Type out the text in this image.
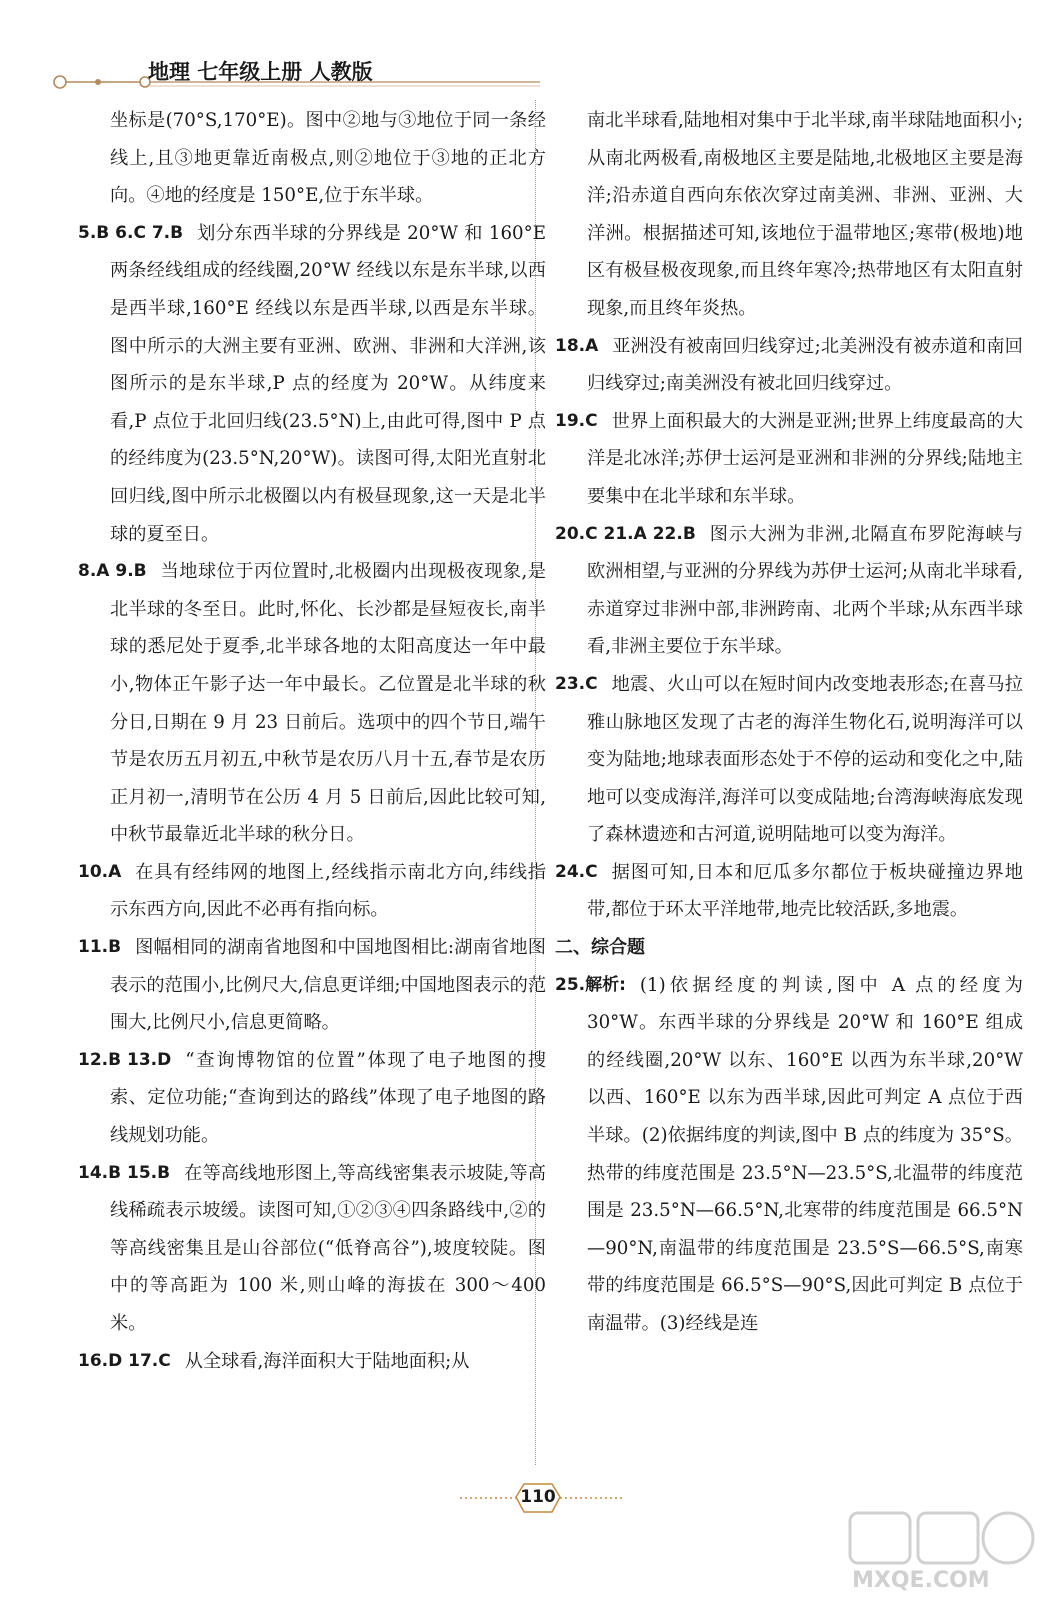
地理 七年级上册 人教版

坐标是(70°S,170°E)。图中②地与③地位于同一条经线上,且③地更靠近南极点,则②地位于③地的正北方向。④地的经度是 150°E,位于东半球。

5.B 6.C 7.B 划分东西半球的分界线是 20°W 和 160°E 两条经线组成的经线圈,20°W 经线以东是东半球,以西是西半球,160°E 经线以东是西半球,以西是东半球。图中所示的大洲主要有亚洲、欧洲、非洲和大洋洲,该图所示的是东半球,P 点的经度为 20°W。从纬度来看,P 点位于北回归线(23.5°N)上,由此可得,图中 P 点的经纬度为(23.5°N,20°W)。读图可得,太阳光直射北回归线,图中所示北极圈以内有极昼现象,这一天是北半球的夏至日。

8.A 9.B 当地球位于丙位置时,北极圈内出现极夜现象,是北半球的冬至日。此时,怀化、长沙都是昼短夜长,南半球的悉尼处于夏季,北半球各地的太阳高度达一年中最小,物体正午影子达一年中最长。乙位置是北半球的秋分日,日期在 9 月 23 日前后。选项中的四个节日,端午节是农历五月初五,中秋节是农历八月十五,春节是农历正月初一,清明节在公历 4 月 5 日前后,因此比较可知,中秋节最靠近北半球的秋分日。

10.A 在具有经纬网的地图上,经线指示南北方向,纬线指示东西方向,因此不必再有指向标。

11.B 图幅相同的湖南省地图和中国地图相比:湖南省地图表示的范围小,比例尺大,信息更详细;中国地图表示的范围大,比例尺小,信息更简略。

12.B 13.D “查询博物馆的位置”体现了电子地图的搜索、定位功能;“查询到达的路线”体现了电子地图的路线规划功能。

14.B 15.B 在等高线地形图上,等高线密集表示坡陡,等高线稀疏表示坡缓。读图可知,①②③④四条路线中,②的等高线密集且是山谷部位(“低脊高谷”),坡度较陡。图中的等高距为 100 米,则山峰的海拔在 300～400 米。

16.D 17.C 从全球看,海洋面积大于陆地面积;从

南北半球看,陆地相对集中于北半球,南半球陆地面积小;从南北两极看,南极地区主要是陆地,北极地区主要是海洋;沿赤道自西向东依次穿过南美洲、非洲、亚洲、大洋洲。根据描述可知,该地位于温带地区;寒带(极地)地区有极昼极夜现象,而且终年寒冷;热带地区有太阳直射现象,而且终年炎热。

18.A 亚洲没有被南回归线穿过;北美洲没有被赤道和南回归线穿过;南美洲没有被北回归线穿过。

19.C 世界上面积最大的大洲是亚洲;世界上纬度最高的大洋是北冰洋;苏伊士运河是亚洲和非洲的分界线;陆地主要集中在北半球和东半球。

20.C 21.A 22.B 图示大洲为非洲,北隔直布罗陀海峡与欧洲相望,与亚洲的分界线为苏伊士运河;从南北半球看,赤道穿过非洲中部,非洲跨南、北两个半球;从东西半球看,非洲主要位于东半球。

23.C 地震、火山可以在短时间内改变地表形态;在喜马拉雅山脉地区发现了古老的海洋生物化石,说明海洋可以变为陆地;地球表面形态处于不停的运动和变化之中,陆地可以变成海洋,海洋可以变成陆地;台湾海峡海底发现了森林遗迹和古河道,说明陆地可以变为海洋。

24.C 据图可知,日本和厄瓜多尔都位于板块碰撞边界地带,都位于环太平洋地带,地壳比较活跃,多地震。

二、综合题

25.解析: (1)依据经度的判读,图中 A 点的经度为 30°W。东西半球的分界线是 20°W 和 160°E 组成的经线圈,20°W 以东、160°E 以西为东半球,20°W 以西、160°E 以东为西半球,因此可判定 A 点位于西半球。(2)依据纬度的判读,图中 B 点的纬度为 35°S。热带的纬度范围是 23.5°N—23.5°S,北温带的纬度范围是 23.5°N—66.5°N,北寒带的纬度范围是 66.5°N—90°N,南温带的纬度范围是 23.5°S—66.5°S,南寒带的纬度范围是 66.5°S—90°S,因此可判定 B 点位于南温带。(3)经线是连

110
MXQE.COM
